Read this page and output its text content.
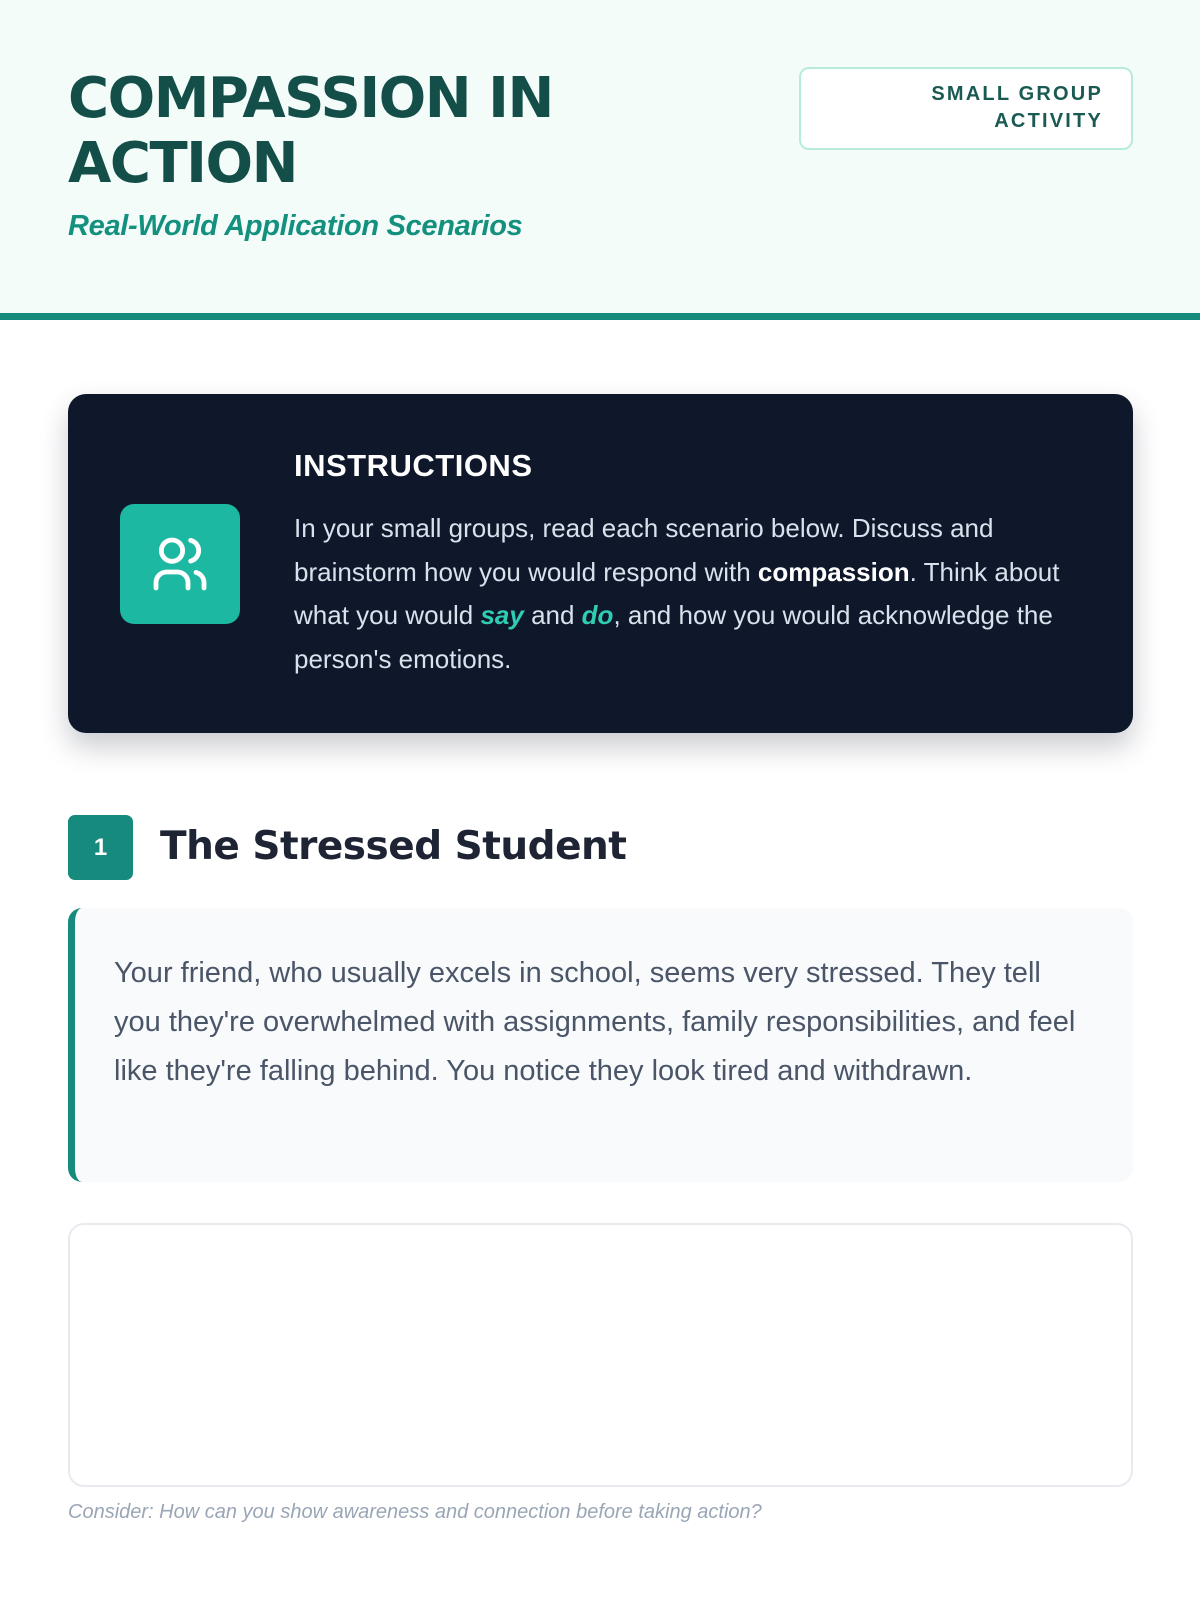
COMPASSION IN ACTION
Real-World Application Scenarios
SMALL GROUP
ACTIVITY
INSTRUCTIONS
In your small groups, read each scenario below. Discuss and brainstorm how you would respond with compassion. Think about what you would say and do, and how you would acknowledge the person's emotions.
1	The Stressed Student
Your friend, who usually excels in school, seems very stressed. They tell you they're overwhelmed with assignments, family responsibilities, and feel like they're falling behind. You notice they look tired and withdrawn.
Consider: How can you show awareness and connection before taking action?
